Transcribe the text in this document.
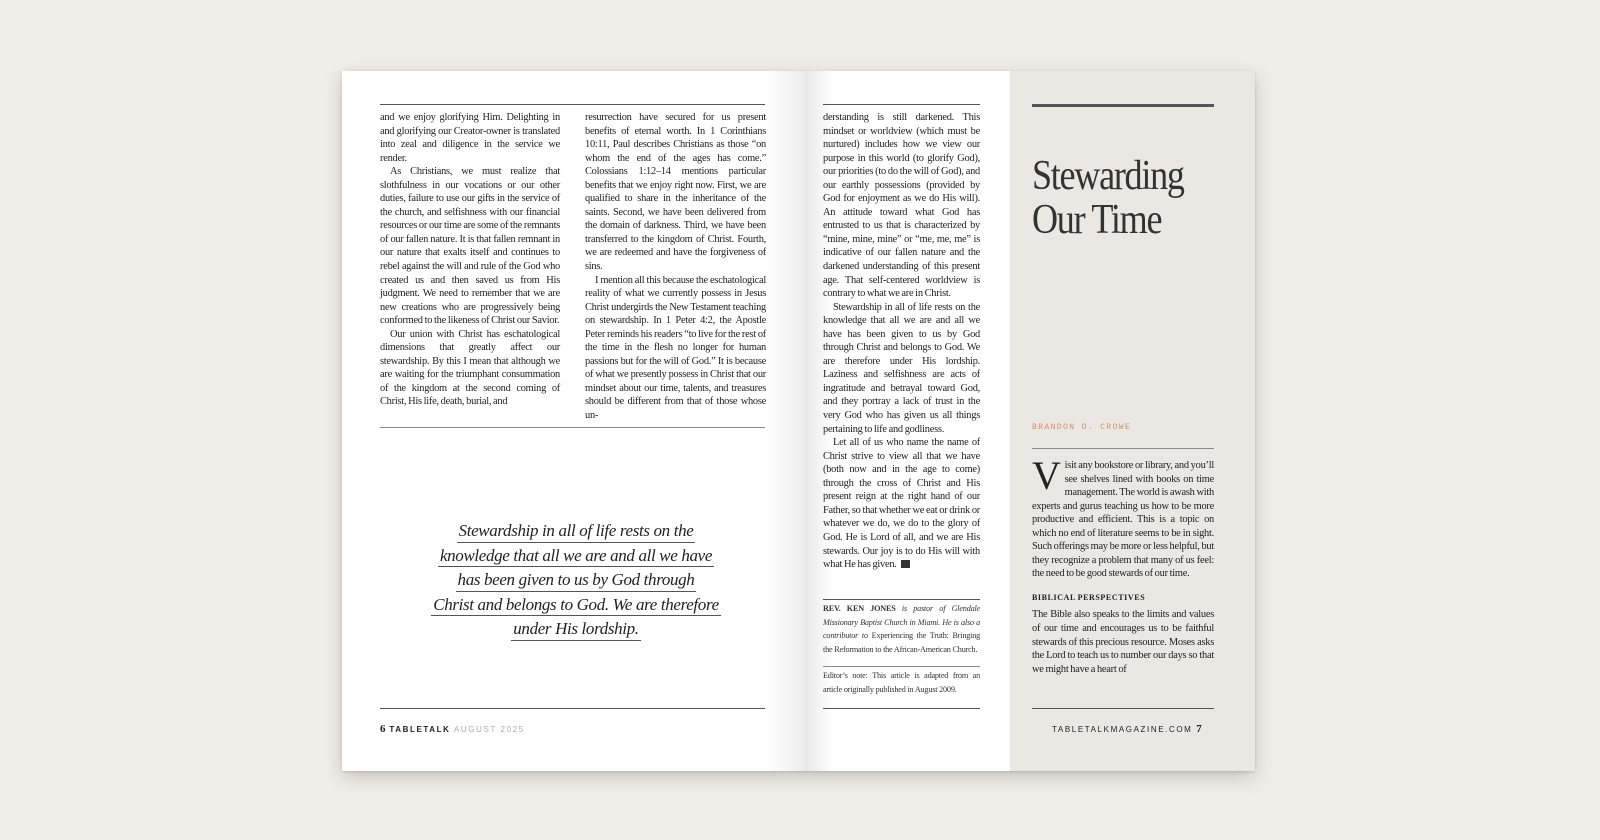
and we enjoy glorifying Him. Delighting in and glorifying our Creator-owner is translated into zeal and diligence in the service we render.

As Christians, we must realize that slothfulness in our vocations or our other duties, failure to use our gifts in the service of the church, and selfishness with our financial resources or our time are some of the remnants of our fallen nature. It is that fallen remnant in our nature that exalts itself and continues to rebel against the will and rule of the God who created us and then saved us from His judgment. We need to remember that we are new creations who are progressively being conformed to the likeness of Christ our Savior.

Our union with Christ has eschatological dimensions that greatly affect our stewardship. By this I mean that although we are waiting for the triumphant consummation of the kingdom at the second coming of Christ, His life, death, burial, and

resurrection have secured for us present benefits of eternal worth. In 1 Corinthians 10:11, Paul describes Christians as those “on whom the end of the ages has come.” Colossians 1:12–14 mentions particular benefits that we enjoy right now. First, we are qualified to share in the inheritance of the saints. Second, we have been delivered from the domain of darkness. Third, we have been transferred to the kingdom of Christ. Fourth, we are redeemed and have the forgiveness of sins.

I mention all this because the eschatological reality of what we currently possess in Jesus Christ undergirds the New Testament teaching on stewardship. In 1 Peter 4:2, the Apostle Peter reminds his readers “to live for the rest of the time in the flesh no longer for human passions but for the will of God.” It is because of what we presently possess in Christ that our mindset about our time, talents, and treasures should be different from that of those whose un-

Stewardship in all of life rests on the
knowledge that all we are and all we have
has been given to us by God through
Christ and belongs to God. We are therefore
under His lordship.
6 TABLETALK AUGUST 2025

derstanding is still darkened. This mindset or worldview (which must be nurtured) includes how we view our purpose in this world (to glorify God), our priorities (to do the will of God), and our earthly possessions (provided by God for enjoyment as we do His will). An attitude toward what God has entrusted to us that is characterized by “mine, mine, mine” or “me, me, me” is indicative of our fallen nature and the darkened understanding of this present age. That self-centered worldview is contrary to what we are in Christ.

Stewardship in all of life rests on the knowledge that all we are and all we have has been given to us by God through Christ and belongs to God. We are therefore under His lordship. Laziness and selfishness are acts of ingratitude and betrayal toward God, and they portray a lack of trust in the very God who has given us all things pertaining to life and godliness.

Let all of us who name the name of Christ strive to view all that we have (both now and in the age to come) through the cross of Christ and His present reign at the right hand of our Father, so that whether we eat or drink or whatever we do, we do to the glory of God. He is Lord of all, and we are His stewards. Our joy is to do His will with what He has given.

REV. KEN JONES is pastor of Glendale Missionary Baptist Church in Miami. He is also a contributor to Experiencing the Truth: Bringing the Reformation to the African-American Church.
Editor’s note: This article is adapted from an article originally published in August 2009.
Stewarding
Our Time
BRANDON D. CROWE

Visit any bookstore or library, and you’ll see shelves lined with books on time management. The world is awash with experts and gurus teaching us how to be more productive and efficient. This is a topic on which no end of literature seems to be in sight. Such offerings may be more or less helpful, but they recognize a problem that many of us feel: the need to be good stewards of our time.

BIBLICAL PERSPECTIVES

The Bible also speaks to the limits and values of our time and encourages us to be faithful stewards of this precious resource. Moses asks the Lord to teach us to number our days so that we might have a heart of

TABLETALKMAGAZINE.COM 7
